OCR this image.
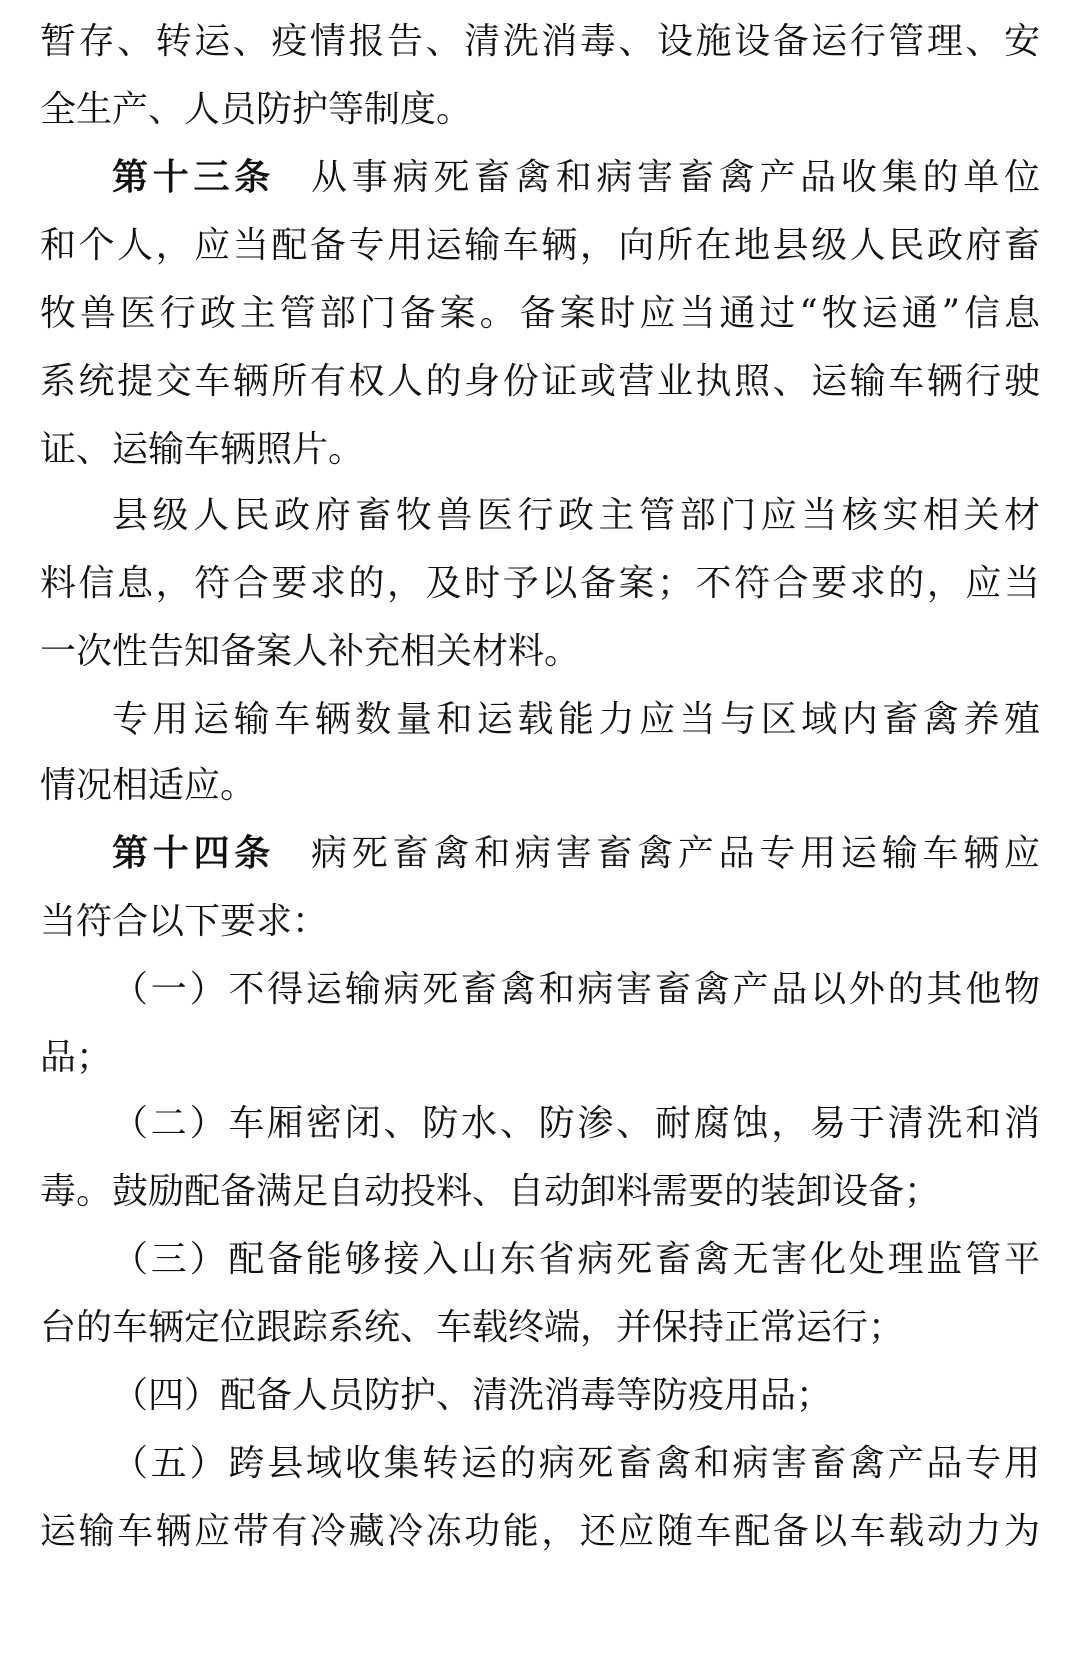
暂存、转运、疫情报告、清洗消毒、设施设备运行管理、安
全生产、人员防护等制度。
第十三条 从事病死畜禽和病害畜禽产品收集的单位
和个人，应当配备专用运输车辆，向所在地县级人民政府畜
牧兽医行政主管部门备案。备案时应当通过“牧运通”信息
系统提交车辆所有权人的身份证或营业执照、运输车辆行驶
证、运输车辆照片。
县级人民政府畜牧兽医行政主管部门应当核实相关材
料信息，符合要求的，及时予以备案；不符合要求的，应当
一次性告知备案人补充相关材料。
专用运输车辆数量和运载能力应当与区域内畜禽养殖
情况相适应。
第十四条 病死畜禽和病害畜禽产品专用运输车辆应
当符合以下要求：
（一）不得运输病死畜禽和病害畜禽产品以外的其他物
品；
（二）车厢密闭、防水、防渗、耐腐蚀，易于清洗和消
毒。鼓励配备满足自动投料、自动卸料需要的装卸设备；
（三）配备能够接入山东省病死畜禽无害化处理监管平
台的车辆定位跟踪系统、车载终端，并保持正常运行；
（四）配备人员防护、清洗消毒等防疫用品；
（五）跨县域收集转运的病死畜禽和病害畜禽产品专用
运输车辆应带有冷藏冷冻功能，还应随车配备以车载动力为
